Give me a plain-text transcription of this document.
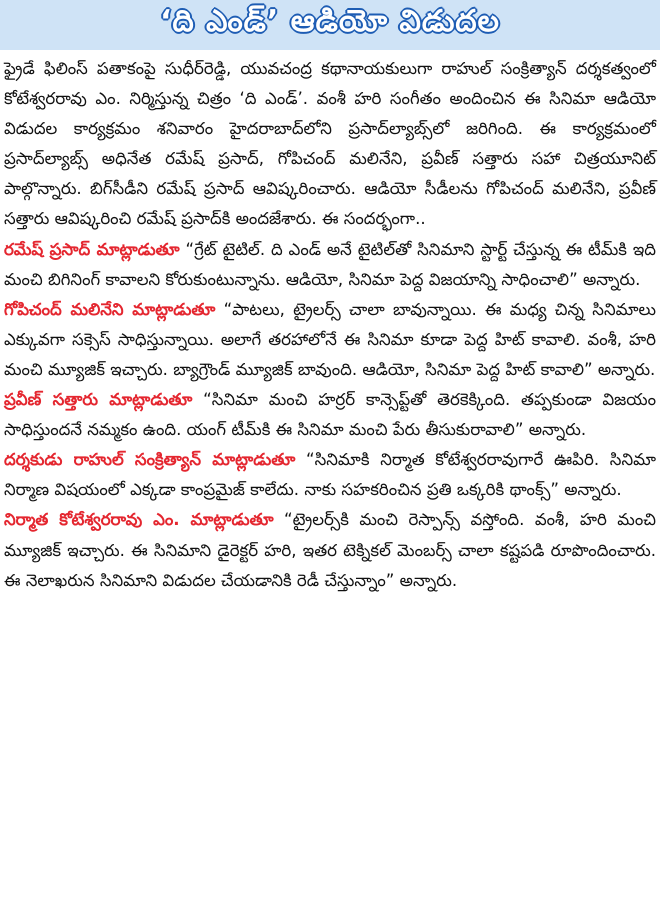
‘ది ఎండ్’ ఆడియో విడుదల

ఫ్రైడే ఫిలింస్ పతాకంపై సుధీర్‌రెడ్డి, యువచంద్ర కథానాయకులుగా రాహుల్ సంక్రిత్యాన్ దర్శకత్వంలో కోటేశ్వరరావు ఎం. నిర్మిస్తున్న చిత్రం ‘ది ఎండ్’. వంశీ హరి సంగీతం అందించిన ఈ సినిమా ఆడియో విడుదల కార్యక్రమం శనివారం హైదరాబాద్‌లోని ప్రసాద్‌ల్యాబ్స్‌లో జరిగింది. ఈ కార్యక్రమంలో ప్రసాద్‌ల్యాబ్స్ అధినేత రమేష్ ప్రసాద్, గోపిచంద్ మలినేని, ప్రవీణ్ సత్తారు సహా చిత్రయూనిట్ పాల్గొన్నారు. బిగ్‌సీడీని రమేష్ ప్రసాద్ ఆవిష్కరించారు. ఆడియో సీడీలను గోపిచంద్ మలినేని, ప్రవీణ్ సత్తారు ఆవిష్కరించి రమేష్ ప్రసాద్‌కి అందజేశారు. ఈ సందర్భంగా..

రమేష్ ప్రసాద్ మాట్లాడుతూ “గ్రేట్ టైటిల్. ది ఎండ్ అనే టైటిల్‌తో సినిమాని స్టార్ట్ చేస్తున్న ఈ టీమ్‌కి ఇది మంచి బిగినింగ్ కావాలని కోరుకుంటున్నాను. ఆడియో, సినిమా పెద్ద విజయాన్ని సాధించాలి” అన్నారు.

గోపిచంద్ మలినేని మాట్లాడుతూ “పాటలు, ట్రైలర్స్ చాలా బావున్నాయి. ఈ మధ్య చిన్న సినిమాలు ఎక్కువగా సక్సెస్ సాధిస్తున్నాయి. అలాగే తరహాలోనే ఈ సినిమా కూడా పెద్ద హిట్ కావాలి. వంశీ, హరి మంచి మ్యూజిక్ ఇచ్చారు. బ్యాగ్రౌండ్ మ్యూజిక్ బావుంది. ఆడియో, సినిమా పెద్ద హిట్ కావాలి” అన్నారు.

ప్రవీణ్ సత్తారు మాట్లాడుతూ “సినిమా మంచి హర్రర్ కాన్సెప్ట్‌తో తెరకెక్కింది. తప్పకుండా విజయం సాధిస్తుందనే నమ్మకం ఉంది. యంగ్ టీమ్‌కి ఈ సినిమా మంచి పేరు తీసుకురావాలి” అన్నారు.

దర్శకుడు రాహుల్ సంక్రిత్యాన్ మాట్లాడుతూ “సినిమాకి నిర్మాత కోటేశ్వరరావుగారే ఊపిరి. సినిమా నిర్మాణ విషయంలో ఎక్కడా కాంప్రమైజ్ కాలేదు. నాకు సహకరించిన ప్రతి ఒక్కరికి థాంక్స్” అన్నారు.

నిర్మాత కోటేశ్వరరావు ఎం. మాట్లాడుతూ “ట్రైలర్స్‌కి మంచి రెస్పాన్స్ వస్తోంది. వంశీ, హరి మంచి మ్యూజిక్ ఇచ్చారు. ఈ సినిమాని డైరెక్టర్ హరి, ఇతర టెక్నికల్ మెంబర్స్ చాలా కష్టపడి రూపొందించారు. ఈ నెలాఖరున సినిమాని విడుదల చేయడానికి రెడీ చేస్తున్నాం” అన్నారు.
